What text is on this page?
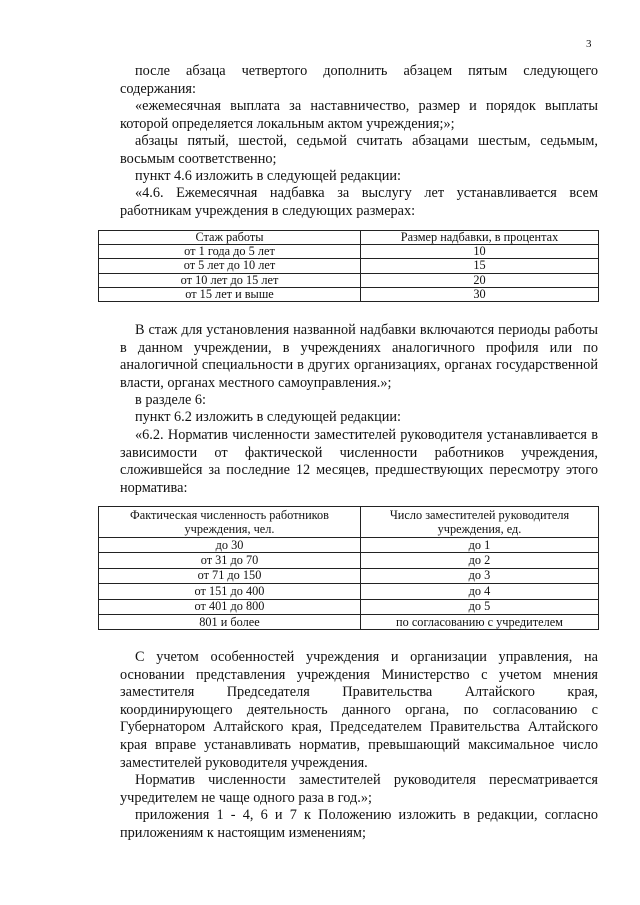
3

после абзаца четвертого дополнить абзацем пятым следующего содержания:

«ежемесячная выплата за наставничество, размер и порядок выплаты которой определяется локальным актом учреждения;»;

абзацы пятый, шестой, седьмой считать абзацами шестым, седьмым, восьмым соответственно;

пункт 4.6 изложить в следующей редакции:

«4.6. Ежемесячная надбавка за выслугу лет устанавливается всем работникам учреждения в следующих размерах:

Стаж работы	Размер надбавки, в процентах
от 1 года до 5 лет	10
от 5 лет до 10 лет	15
от 10 лет до 15 лет	20
от 15 лет и выше	30

В стаж для установления названной надбавки включаются периоды работы в данном учреждении, в учреждениях аналогичного профиля или по аналогичной специальности в других организациях, органах государственной власти, органах местного самоуправления.»;

в разделе 6:

пункт 6.2 изложить в следующей редакции:

«6.2. Норматив численности заместителей руководителя устанавливается в зависимости от фактической численности работников учреждения, сложившейся за последние 12 месяцев, предшествующих пересмотру этого норматива:

Фактическая численность работников учреждения, чел.	Число заместителей руководителя учреждения, ед.
до 30	до 1
от 31 до 70	до 2
от 71 до 150	до 3
от 151 до 400	до 4
от 401 до 800	до 5
801 и более	по согласованию с учредителем

С учетом особенностей учреждения и организации управления, на основании представления учреждения Министерство с учетом мнения заместителя Председателя Правительства Алтайского края, координирующего деятельность данного органа, по согласованию с Губернатором Алтайского края, Председателем Правительства Алтайского края вправе устанавливать норматив, превышающий максимальное число заместителей руководителя учреждения.

Норматив численности заместителей руководителя пересматривается учредителем не чаще одного раза в год.»;

приложения 1 - 4, 6 и 7 к Положению изложить в редакции, согласно приложениям к настоящим изменениям;
